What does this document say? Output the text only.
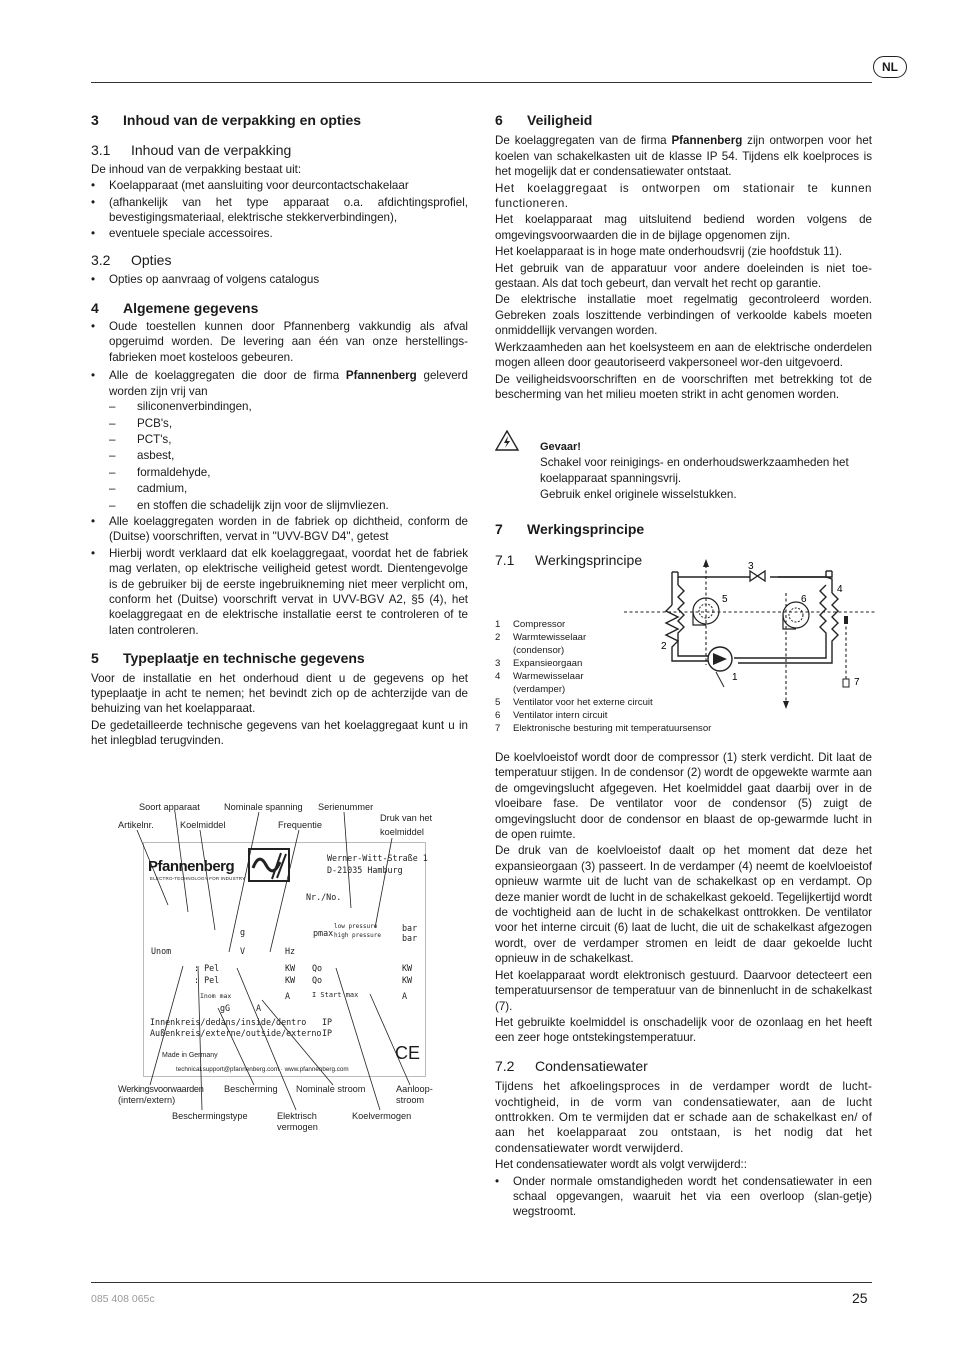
NL
3 Inhoud van de verpakking en opties
3.1 Inhoud van de verpakking

De inhoud van de verpakking bestaat uit:

• Koelapparaat (met aansluiting voor deurcontactschakelaar
• (afhankelijk van het type apparaat o.a. afdichtingsprofiel, bevestigingsmateriaal, elektrische stekkerverbindingen),
• eventuele speciale accessoires.
3.2 Opties
• Opties op aanvraag of volgens catalogus
4 Algemene gegevens
• Oude toestellen kunnen door Pfannenberg vakkundig als afval opgeruimd worden. De levering aan één van onze herstellings-fabrieken moet kosteloos gebeuren.
• Alle de koelaggregaten die door de firma Pfannenberg geleverd worden zijn vrij van
– siliconenverbindingen,
– PCB's,
– PCT's,
– asbest,
– formaldehyde,
– cadmium,
– en stoffen die schadelijk zijn voor de slijmvliezen.
• Alle koelaggregaten worden in de fabriek op dichtheid, conform de (Duitse) voorschriften, vervat in "UVV-BGV D4", getest
• Hierbij wordt verklaard dat elk koelaggregaat, voordat het de fabriek mag verlaten, op elektrische veiligheid getest wordt. Dientengevolge is de gebruiker bij de eerste ingebruikneming niet meer verplicht om, conform het (Duitse) voorschrift vervat in UVV-BGV A2, §5 (4), het koelaggregaat en de elektrische installatie eerst te controleren of te laten controleren.
5 Typeplaatje en technische gegevens

Voor de installatie en het onderhoud dient u de gegevens op het typeplaatje in acht te nemen; het bevindt zich op de achterzijde van de behuizing van het koelapparaat.

De gedetailleerde technische gegevens van het koelaggregaat kunt u in het inlegblad terugvinden.

Soort apparaat	Nominale spanning Serienummer
Druk van het
koelmiddel
Artikelnr.	Koelmiddel	Frequentie
Pfannenberg
ELECTRO-TECHNOLOGY FOR INDUSTRY
Werner-Witt-Straße 1
D-21035 Hamburg
Nr./No.
g	pmax
low pressure
high pressure
bar
bar
Unom	V	Hz
: Pel
: Pel
KW
KW
Qo
Qo
KW
KW
Inom max	A	I Start max	A
gG	A
Innenkreis/dedans/inside/dentro
Außenkreis/externe/outside/externo
IP
IP
Made in Germany
technical.support@pfannenberg.com · www.pfannenberg.com
CE
Werkingsvoorwaarden
(intern/extern)
Bescherming Nominale stroom	Aanloop-
stroom
Beschermingstype	Elektrisch
vermogen
Koelvermogen
6 Veiligheid

De koelaggregaten van de firma Pfannenberg zijn ontworpen voor het koelen van schakelkasten uit de klasse IP 54. Tijdens elk koelproces is het mogelijk dat er condensatiewater ontstaat.

Het koelaggregaat is ontworpen om stationair te kunnen functioneren.

Het koelapparaat mag uitsluitend bediend worden volgens de omgevingsvoorwaarden die in de bijlage opgenomen zijn.

Het koelapparaat is in hoge mate onderhoudsvrij (zie hoofdstuk 11).

Het gebruik van de apparatuur voor andere doeleinden is niet toe-gestaan. Als dat toch gebeurt, dan vervalt het recht op garantie.

De elektrische installatie moet regelmatig gecontroleerd worden. Gebreken zoals loszittende verbindingen of verkoolde kabels moeten onmiddellijk vervangen worden.

Werkzaamheden aan het koelsysteem en aan de elektrische onderdelen mogen alleen door geautoriseerd vakpersoneel wor-den uitgevoerd.

De veiligheidsvoorschriften en de voorschriften met betrekking tot de bescherming van het milieu moeten strikt in acht genomen worden.

Gevaar!

Schakel voor reinigings- en onderhoudswerkzaamheden het koelapparaat spanningsvrij.

Gebruik enkel originele wisselstukken.

7 Werkingsprincipe
7.1 Werkingsprincipe
1	Compressor
2	Warmtewisselaar
	(condensor)
3	Expansieorgaan
4	Warmewisselaar
	(verdamper)
5	Ventilator voor het externe circuit
6	Ventilator intern circuit
7	Elektronische besturing mit temperatuursensor
1
2
3
4
5	6
7

De koelvloeistof wordt door de compressor (1) sterk verdicht. Dit laat de temperatuur stijgen. In de condensor (2) wordt de opgewekte warmte aan de omgevingslucht afgegeven. Het koelmiddel gaat daarbij over in de vloeibare fase. De ventilator voor de condensor (5) zuigt de omgevingslucht door de condensor en blaast de op-gewarmde lucht in de open ruimte.

De druk van de koelvloeistof daalt op het moment dat deze het expansieorgaan (3) passeert. In de verdamper (4) neemt de koelvloeistof opnieuw warmte uit de lucht van de schakelkast op en verdampt. Op deze manier wordt de lucht in de schakelkast gekoeld. Tegelijkertijd wordt de vochtigheid aan de lucht in de schakelkast onttrokken. De ventilator voor het interne circuit (6) laat de lucht, die uit de schakelkast afgezogen wordt, over de verdamper stromen en leidt de daar gekoelde lucht opnieuw in de schakelkast.

Het koelapparaat wordt elektronisch gestuurd. Daarvoor detecteert een temperatuursensor de temperatuur van de binnenlucht in de schakelkast (7).

Het gebruikte koelmiddel is onschadelijk voor de ozonlaag en het heeft een zeer hoge ontstekingstemperatuur.

7.2 Condensatiewater

Tijdens het afkoelingsproces in de verdamper wordt de lucht-vochtigheid, in de vorm van condensatiewater, aan de lucht onttrokken. Om te vermijden dat er schade aan de schakelkast en/ of aan het koelapparaat zou ontstaan, is het nodig dat het condensatiewater wordt verwijderd.

Het condensatiewater wordt als volgt verwijderd::

• Onder normale omstandigheden wordt het condensatiewater in een schaal opgevangen, waaruit het via een overloop (slan-getje) wegstroomt.
085 408 065c	25
